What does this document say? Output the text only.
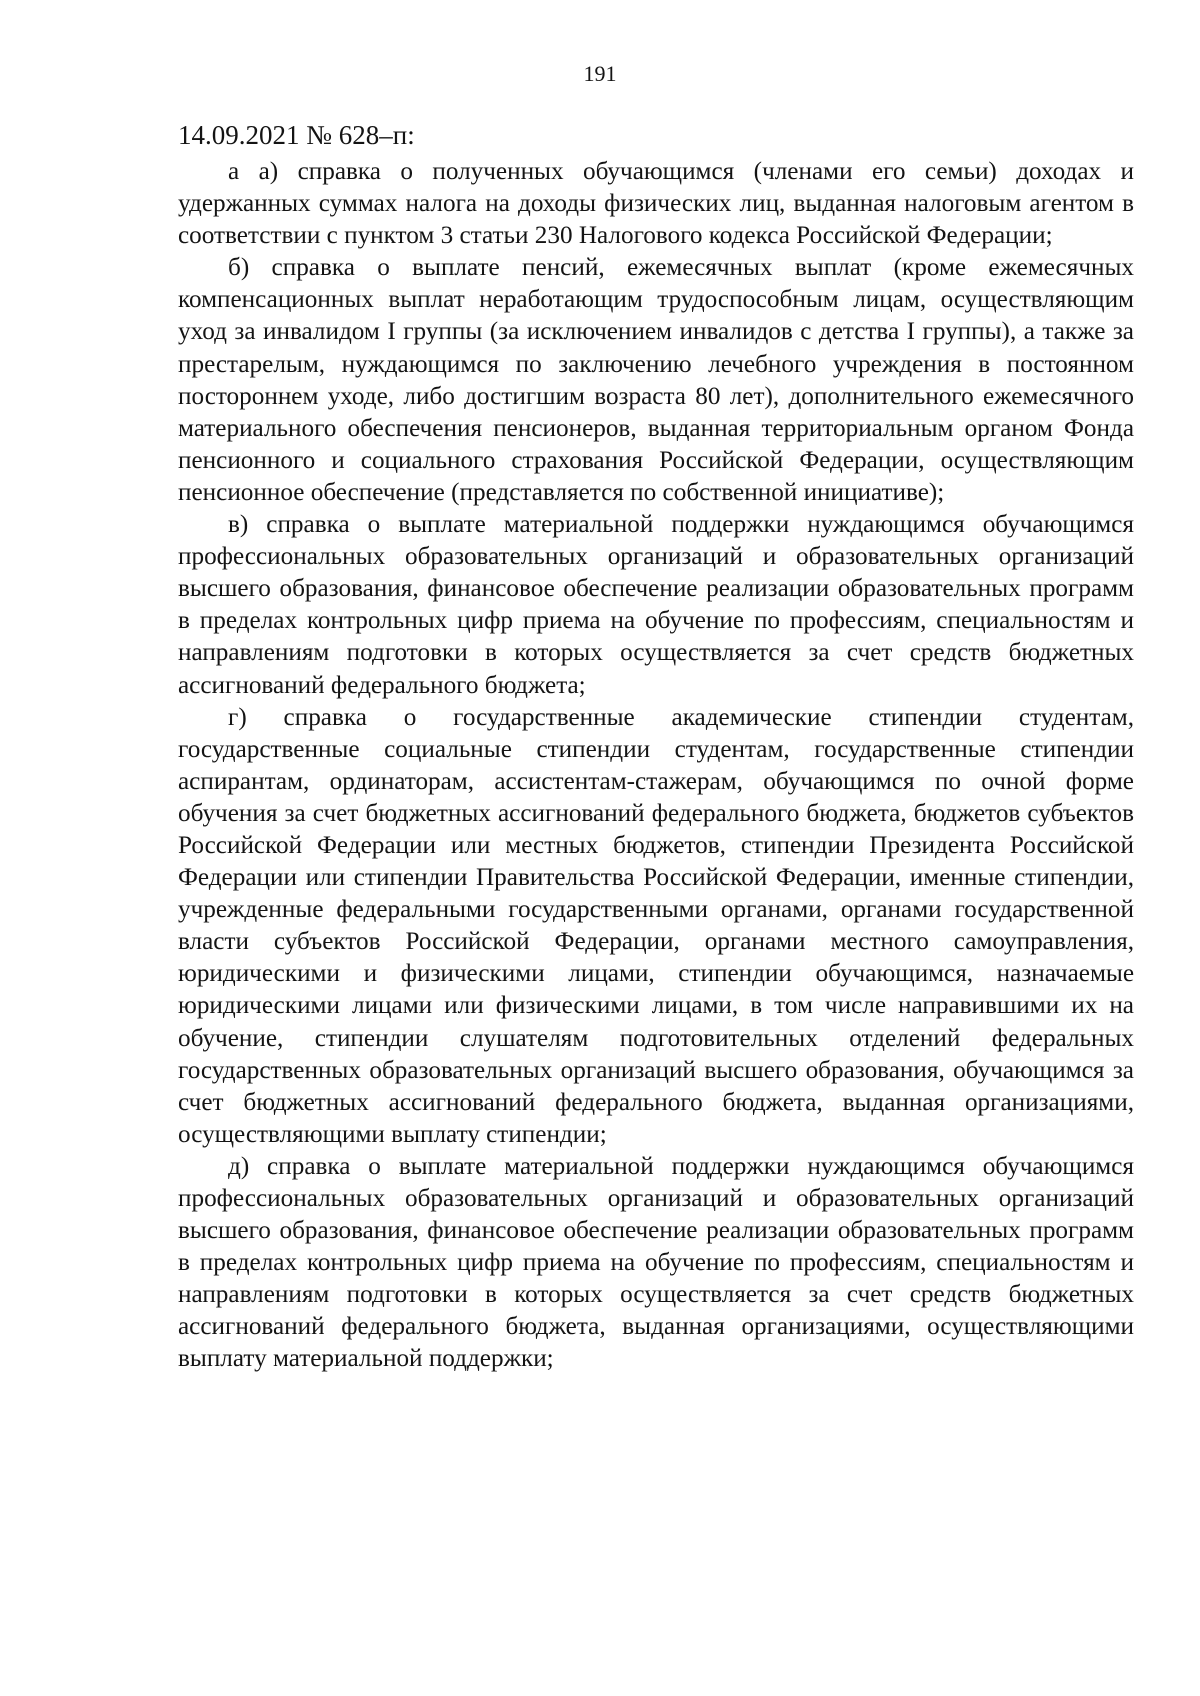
191
14.09.2021 № 628–п:

а а) справка о полученных обучающимся (членами его семьи) доходах и удержанных суммах налога на доходы физических лиц, выданная налоговым агентом в соответствии с пунктом 3 статьи 230 Налогового кодекса Российской Федерации;

б) справка о выплате пенсий, ежемесячных выплат (кроме ежемесячных компенсационных выплат неработающим трудоспособным лицам, осуществляющим уход за инвалидом I группы (за исключением инвалидов с детства I группы), а также за престарелым, нуждающимся по заключению лечебного учреждения в постоянном постороннем уходе, либо достигшим возраста 80 лет), дополнительного ежемесячного материального обеспечения пенсионеров, выданная территориальным органом Фонда пенсионного и социального страхования Российской Федерации, осуществляющим пенсионное обеспечение (представляется по собственной инициативе);

в) справка о выплате материальной поддержки нуждающимся обучающимся профессиональных образовательных организаций и образовательных организаций высшего образования, финансовое обеспечение реализации образовательных программ в пределах контрольных цифр приема на обучение по профессиям, специальностям и направлениям подготовки в которых осуществляется за счет средств бюджетных ассигнований федерального бюджета;

г) справка о государственные академические стипендии студентам, государственные социальные стипендии студентам, государственные стипендии аспирантам, ординаторам, ассистентам-стажерам, обучающимся по очной форме обучения за счет бюджетных ассигнований федерального бюджета, бюджетов субъектов Российской Федерации или местных бюджетов, стипендии Президента Российской Федерации или стипендии Правительства Российской Федерации, именные стипендии, учрежденные федеральными государственными органами, органами государственной власти субъектов Российской Федерации, органами местного самоуправления, юридическими и физическими лицами, стипендии обучающимся, назначаемые юридическими лицами или физическими лицами, в том числе направившими их на обучение, стипендии слушателям подготовительных отделений федеральных государственных образовательных организаций высшего образования, обучающимся за счет бюджетных ассигнований федерального бюджета, выданная организациями, осуществляющими выплату стипендии;

д) справка о выплате материальной поддержки нуждающимся обучающимся профессиональных образовательных организаций и образовательных организаций высшего образования, финансовое обеспечение реализации образовательных программ в пределах контрольных цифр приема на обучение по профессиям, специальностям и направлениям подготовки в которых осуществляется за счет средств бюджетных ассигнований федерального бюджета, выданная организациями, осуществляющими выплату материальной поддержки;
